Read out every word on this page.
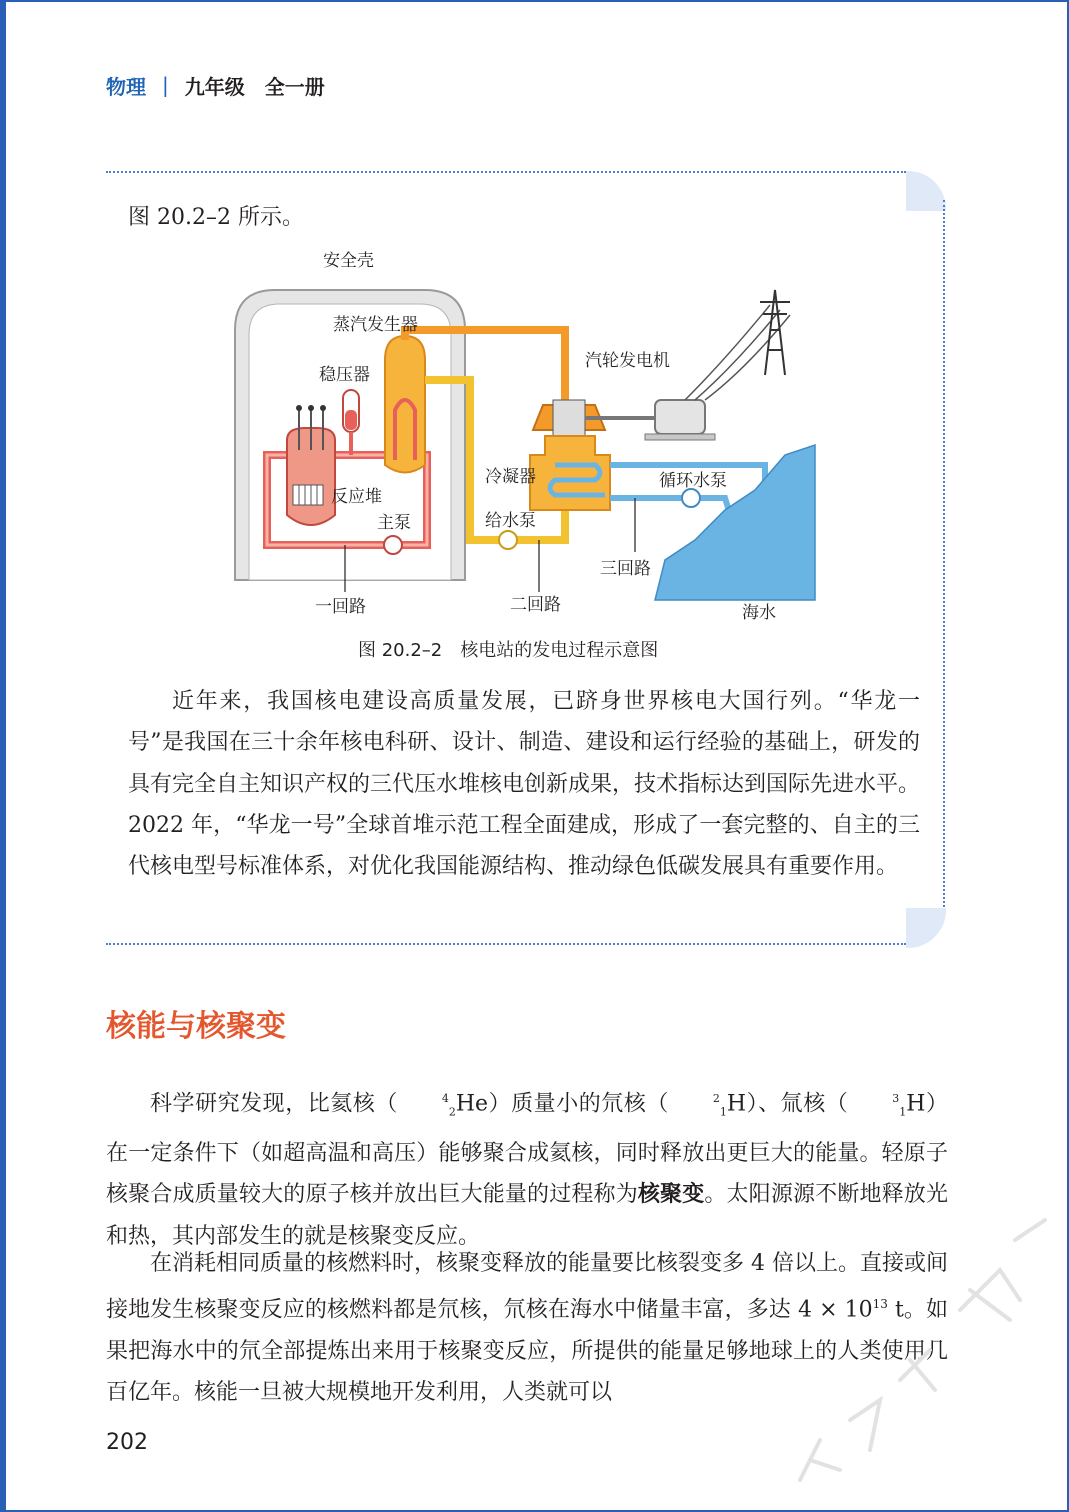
物理 | 九年级　全一册
图 20.2–2 所示。
安全壳
蒸汽发生器
稳压器
汽轮发电机
反应堆
主泵
冷凝器	循环水泵
给水泵
三回路
一回路	二回路	海水
图 20.2–2 核电站的发电过程示意图

近年来，我国核电建设高质量发展，已跻身世界核电大国行列。“华龙一号”是我国在三十余年核电科研、设计、制造、建设和运行经验的基础上，研发的具有完全自主知识产权的三代压水堆核电创新成果，技术指标达到国际先进水平。2022 年，“华龙一号”全球首堆示范工程全面建成，形成了一套完整的、自主的三代核电型号标准体系，对优化我国能源结构、推动绿色低碳发展具有重要作用。

核能与核聚变

科学研究发现，比氦核（	$^4_2$He）质量小的氘核（	$^2_1$H）、氚核（	$^3_1$H）在一定条件下（如超高温和高压）能够聚合成氦核，同时释放出更巨大的能量。轻原子核聚合成质量较大的原子核并放出巨大能量的过程称为核聚变。太阳源源不断地释放光和热，其内部发生的就是核聚变反应。

在消耗相同质量的核燃料时，核聚变释放的能量要比核裂变多 4 倍以上。直接或间接地发生核聚变反应的核燃料都是氘核，氘核在海水中储量丰富，多达 $4 \times 10^{13}$ t。如果把海水中的氘全部提炼出来用于核聚变反应，所提供的能量足够地球上的人类使用几百亿年。核能一旦被大规模地开发利用，人类就可以

202
